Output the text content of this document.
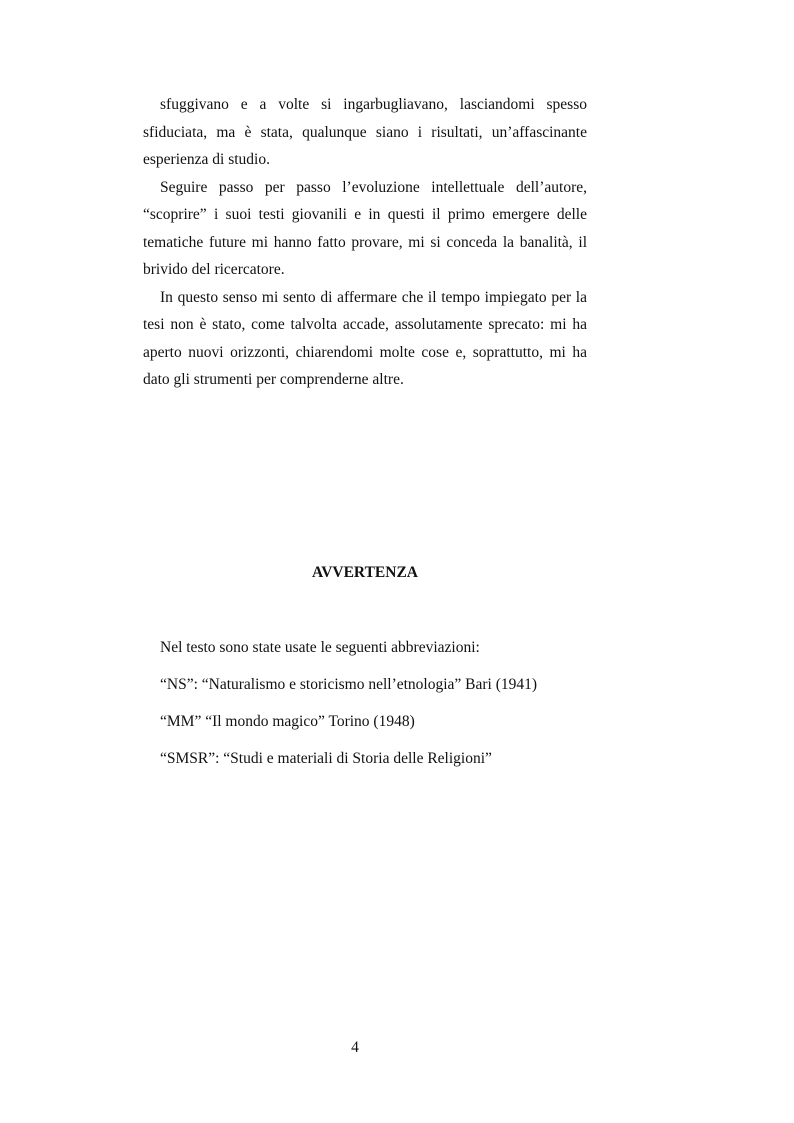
sfuggivano e a volte si ingarbugliavano, lasciandomi spesso sfiduciata, ma è stata, qualunque siano i risultati, un’affascinante esperienza di studio.

Seguire passo per passo l’evoluzione intellettuale dell’autore, “scoprire” i suoi testi giovanili e in questi il primo emergere delle tematiche future mi hanno fatto provare, mi si conceda la banalità, il brivido del ricercatore.

In questo senso mi sento di affermare che il tempo impiegato per la tesi non è stato, come talvolta accade, assolutamente sprecato: mi ha aperto nuovi orizzonti, chiarendomi molte cose e, soprattutto, mi ha dato gli strumenti per comprenderne altre.

AVVERTENZA
Nel testo sono state usate le seguenti abbreviazioni:
“NS”: “Naturalismo e storicismo nell’etnologia” Bari (1941)
“MM” “Il mondo magico” Torino (1948)
“SMSR”: “Studi e materiali di Storia delle Religioni”
4
